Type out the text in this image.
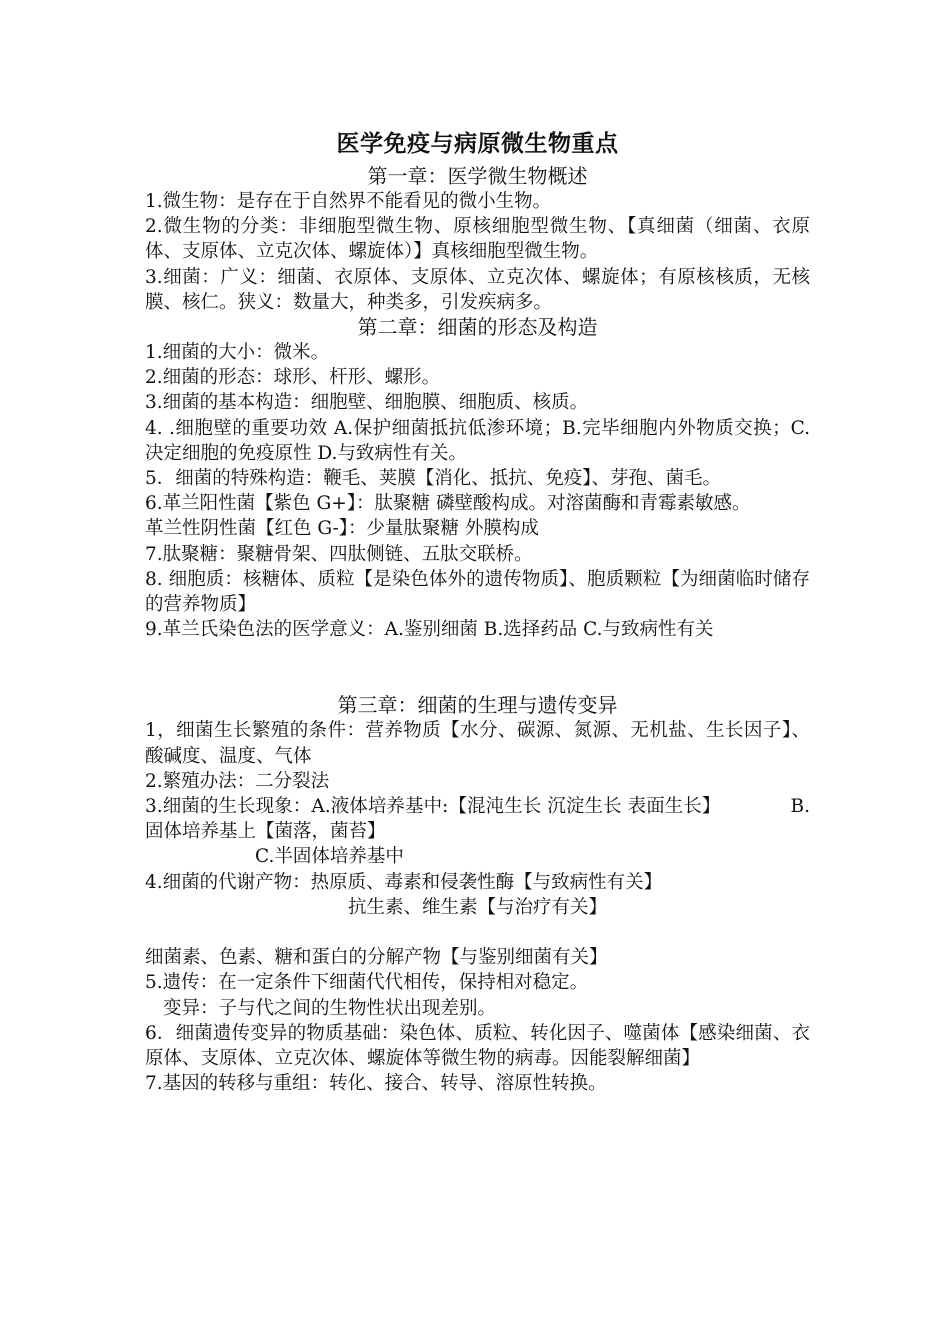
医学免疫与病原微生物重点
第一章：医学微生物概述
1.微生物：是存在于自然界不能看见的微小生物。
2.微生物的分类：非细胞型微生物、原核细胞型微生物、【真细菌（细菌、衣原体、支原体、立克次体、螺旋体）】真核细胞型微生物。
3.细菌：广义：细菌、衣原体、支原体、立克次体、螺旋体；有原核核质，无核膜、核仁。狭义：数量大，种类多，引发疾病多。
第二章：细菌的形态及构造
1.细菌的大小：微米。
2.细菌的形态：球形、杆形、螺形。
3.细菌的基本构造：细胞壁、细胞膜、细胞质、核质。
4. .细胞壁的重要功效 A.保护细菌抵抗低渗环境；B.完毕细胞内外物质交换；C.决定细胞的免疫原性 D.与致病性有关。
5．细菌的特殊构造：鞭毛、荚膜【消化、抵抗、免疫】、芽孢、菌毛。
6.革兰阳性菌【紫色 G+】：肽聚糖 磷壁酸构成。对溶菌酶和青霉素敏感。
革兰性阴性菌【红色 G-】：少量肽聚糖 外膜构成
7.肽聚糖：聚糖骨架、四肽侧链、五肽交联桥。
8. 细胞质：核糖体、质粒【是染色体外的遗传物质】、胞质颗粒【为细菌临时储存的营养物质】
9.革兰氏染色法的医学意义：A.鉴别细菌 B.选择药品 C.与致病性有关
第三章：细菌的生理与遗传变异
1，细菌生长繁殖的条件：营养物质【水分、碳源、氮源、无机盐、生长因子】、酸碱度、温度、气体
2.繁殖办法：二分裂法
3.细菌的生长现象：A.液体培养基中:【混沌生长 沉淀生长 表面生长】	B.固体培养基上【菌落，菌苔】
C.半固体培养基中
4.细菌的代谢产物：热原质、毒素和侵袭性酶【与致病性有关】
抗生素、维生素【与治疗有关】
细菌素、色素、糖和蛋白的分解产物【与鉴别细菌有关】
5.遗传：在一定条件下细菌代代相传，保持相对稳定。
变异：子与代之间的生物性状出现差别。
6．细菌遗传变异的物质基础：染色体、质粒、转化因子、噬菌体【感染细菌、衣原体、支原体、立克次体、螺旋体等微生物的病毒。因能裂解细菌】
7.基因的转移与重组：转化、接合、转导、溶原性转换。
